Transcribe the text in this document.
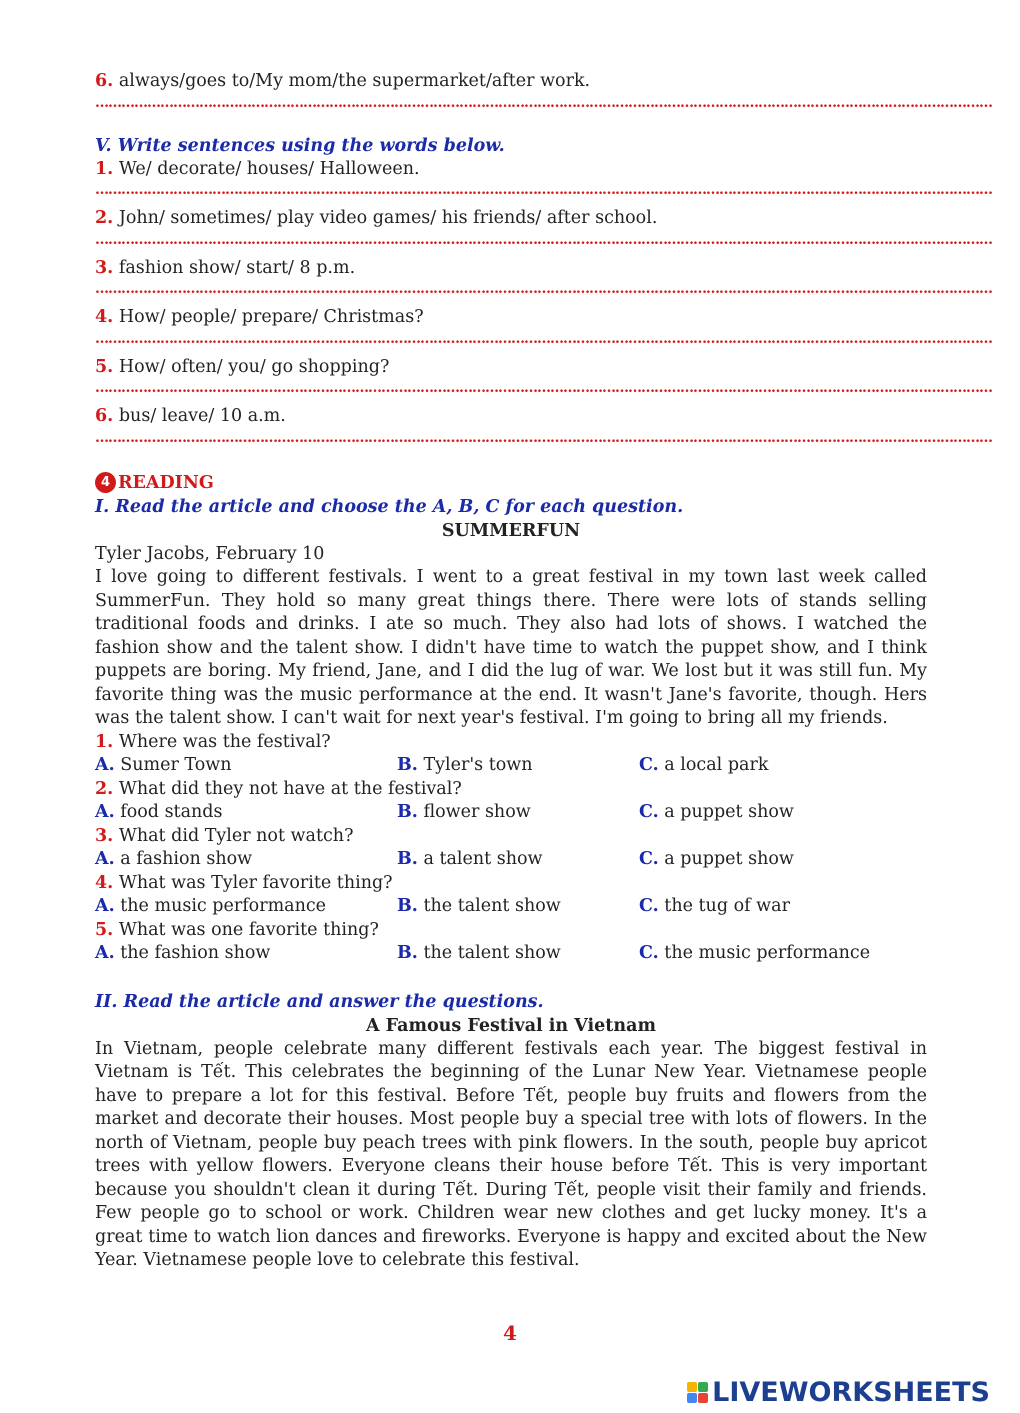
6. always/goes to/My mom/the supermarket/after work.
………………………………………………………………………………………………………………………………………………………………………………………
V. Write sentences using the words below.
1. We/ decorate/ houses/ Halloween.
………………………………………………………………………………………………………………………………………………………………………………………
2. John/ sometimes/ play video games/ his friends/ after school.
………………………………………………………………………………………………………………………………………………………………………………………
3. fashion show/ start/ 8 p.m.
………………………………………………………………………………………………………………………………………………………………………………………
4. How/ people/ prepare/ Christmas?
………………………………………………………………………………………………………………………………………………………………………………………
5. How/ often/ you/ go shopping?
………………………………………………………………………………………………………………………………………………………………………………………
6. bus/ leave/ 10 a.m.
………………………………………………………………………………………………………………………………………………………………………………………
4 READING
I. Read the article and choose the A, B, C for each question.
SUMMERFUN
Tyler Jacobs, February 10
I love going to different festivals. I went to a great festival in my town last week called SummerFun. They hold so many great things there. There were lots of stands selling traditional foods and drinks. I ate so much. They also had lots of shows. I watched the fashion show and the talent show. I didn't have time to watch the puppet show, and I think puppets are boring. My friend, Jane, and I did the lug of war. We lost but it was still fun. My favorite thing was the music performance at the end. It wasn't Jane's favorite, though. Hers was the talent show. I can't wait for next year's festival. I'm going to bring all my friends.
1. Where was the festival?
A. Sumer Town	B. Tyler's town	C. a local park
2. What did they not have at the festival?
A. food stands	B. flower show	C. a puppet show
3. What did Tyler not watch?
A. a fashion show	B. a talent show	C. a puppet show
4. What was Tyler favorite thing?
A. the music performance	B. the talent show	C. the tug of war
5. What was one favorite thing?
A. the fashion show	B. the talent show	C. the music performance
II. Read the article and answer the questions.
A Famous Festival in Vietnam
In Vietnam, people celebrate many different festivals each year. The biggest festival in Vietnam is Tết. This celebrates the beginning of the Lunar New Year. Vietnamese people have to prepare a lot for this festival. Before Tết, people buy fruits and flowers from the market and decorate their houses. Most people buy a special tree with lots of flowers. In the north of Vietnam, people buy peach trees with pink flowers. In the south, people buy apricot trees with yellow flowers. Everyone cleans their house before Tết. This is very important because you shouldn't clean it during Tết. During Tết, people visit their family and friends. Few people go to school or work. Children wear new clothes and get lucky money. It's a great time to watch lion dances and fireworks. Everyone is happy and excited about the New Year. Vietnamese people love to celebrate this festival.
4
LIVEWORKSHEETS
